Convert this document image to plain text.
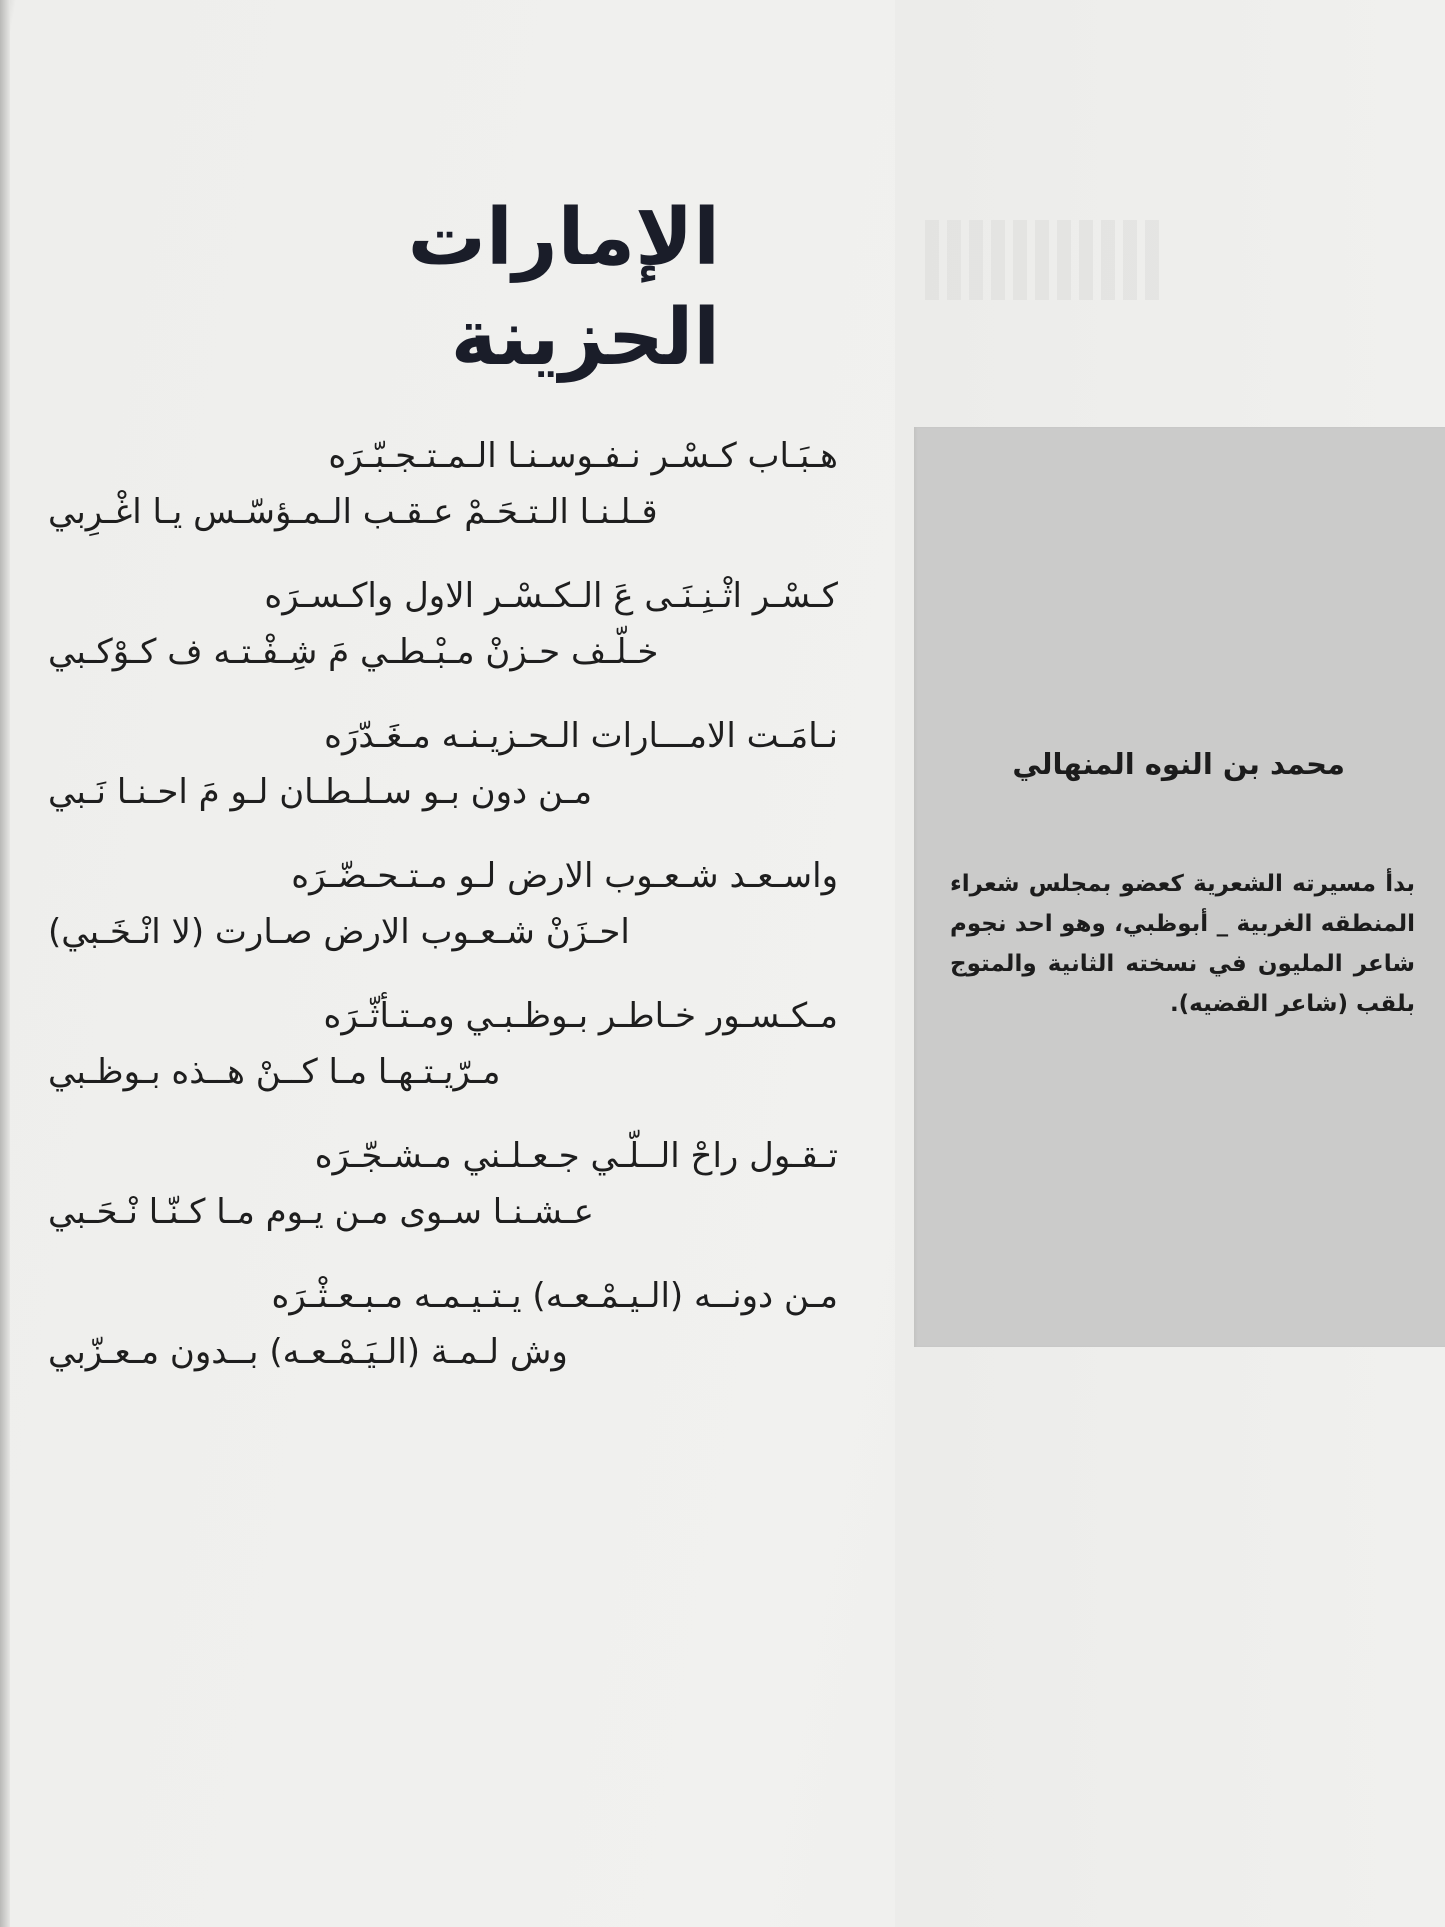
الإمارات الحزينة
هـبَـاب كـسْـر نـفـوسـنـا الـمـتـجـبّـرَه
قـلـنـا الـتـحَـمْ عـقـب الـمـؤسّـس يـا اغْـرِبي
كـسْـر اثْـنِـنَـى عَ الـكـسْـر الاول واكـسـرَه
خـلّـف حـزنْ مـبْـطـي مَ شِـفْـتـه ف كـوْكـبي
نـامَـت الامـــارات الـحـزيـنـه مـغَـدّرَه
مـن دون بـو سـلـطـان لـو مَ احـنـا نَـبي
واسـعـد شـعـوب الارض لـو مـتـحـضّـرَه
احـزَنْ شـعـوب الارض صـارت (لا انْـخَـبي)
مـكـسـور خـاطـر بـوظـبـي ومـتـأثّـرَه
مـرّيـتـهـا مـا كــنْ هــذه بـوظـبي
تـقـول راحْ الــلّـي جـعـلـني مـشـجّـرَه
عـشـنـا سـوى مـن يـوم مـا كـنّـا نْـحَـبي
مـن دونــه (الـيـمْـعـه) يـتـيـمـه مـبـعـثْـرَه
وش لـمـة (الـيَـمْـعـه) بــدون مـعـزّبي
محمد بن النوه المنهالي

بدأ مسيرته الشعرية كعضو بمجلس شعراء المنطقه الغربية _ أبوظبي، وهو احد نجوم شاعر المليون في نسخته الثانية والمتوج بلقب (شاعر القضيه).
